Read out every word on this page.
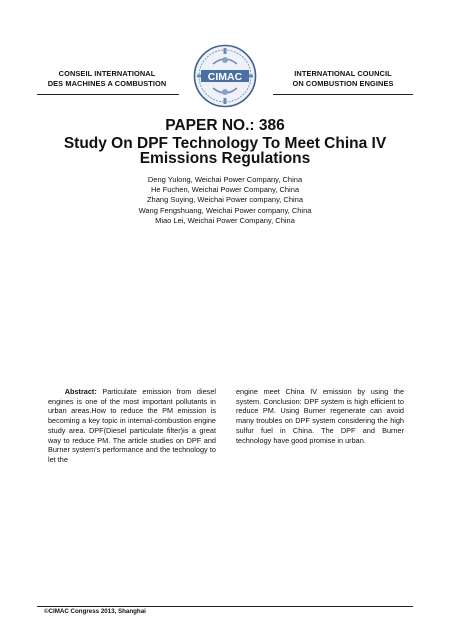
CONSEIL INTERNATIONAL
DES MACHINES A COMBUSTION
CIMAC	INTERNATIONAL COUNCIL
ON COMBUSTION ENGINES
PAPER NO.: 386
Study On DPF Technology To Meet China IV
Emissions Regulations
Deng Yulong, Weichai Power Company, China
He Fuchen, Weichai Power Company, China
Zhang Suying, Weichai Power company, China
Wang Fengshuang, Weichai Power company, China
Miao Lei, Weichai Power Company, China
Abstract: Particulate emission from diesel engines is one of the most important pollutants in urban areas.How to reduce the PM emission is becoming a key topic in internal-combustion engine study area. DPF(Diesel particulate filter)is a great way to reduce PM. The article studies on DPF and Burner system's performance and the technology to let the
engine meet China IV emission by using the system. Conclusion: DPF system is high efficient to reduce PM. Using Burner regenerate can avoid many troubles on DPF system considering the high sulfur fuel in China. The DPF and Burner technology have good promise in urban.
©CIMAC Congress 2013, Shanghai
